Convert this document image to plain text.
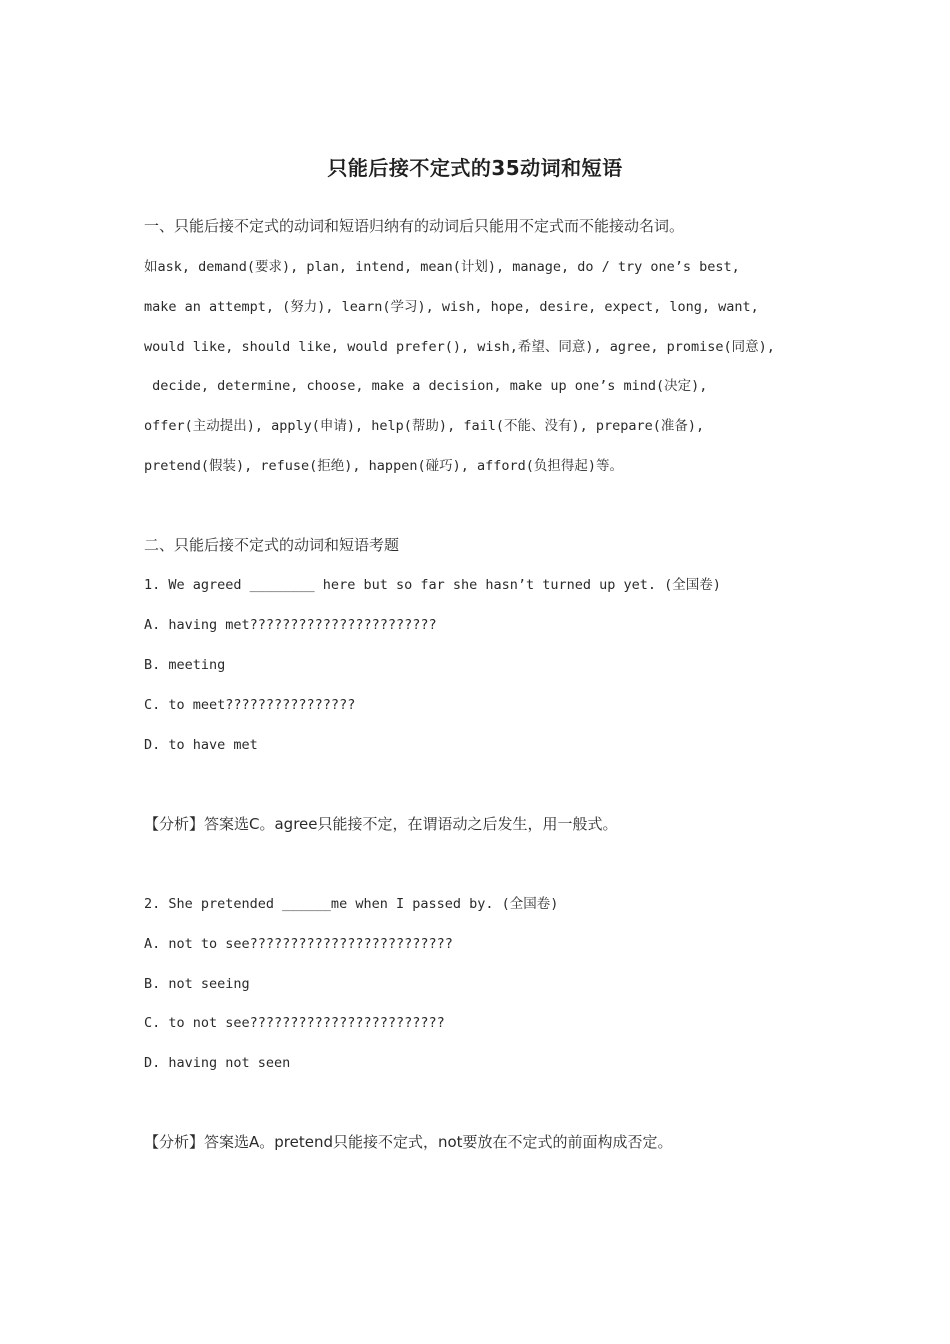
只能后接不定式的35动词和短语
一、只能后接不定式的动词和短语归纳有的动词后只能用不定式而不能接动名词。
如ask, demand(要求), plan, intend, mean(计划), manage, do / try one’s best,
make an attempt, (努力), learn(学习), wish, hope, desire, expect, long, want,
would like, should like, would prefer(), wish,希望、同意), agree, promise(同意),
decide, determine, choose, make a decision, make up one’s mind(决定),
offer(主动提出), apply(申请), help(帮助), fail(不能、没有), prepare(准备),
pretend(假装), refuse(拒绝), happen(碰巧), afford(负担得起)等。
二、只能后接不定式的动词和短语考题
1. We agreed ________ here but so far she hasn’t turned up yet. (全国卷)
A. having met???????????????????????
B. meeting
C. to meet????????????????
D. to have met
【分析】答案选C。agree只能接不定，在谓语动之后发生，用一般式。
2. She pretended ______me when I passed by. (全国卷)
A. not to see?????????????????????????
B. not seeing
C. to not see????????????????????????
D. having not seen
【分析】答案选A。pretend只能接不定式，not要放在不定式的前面构成否定。
